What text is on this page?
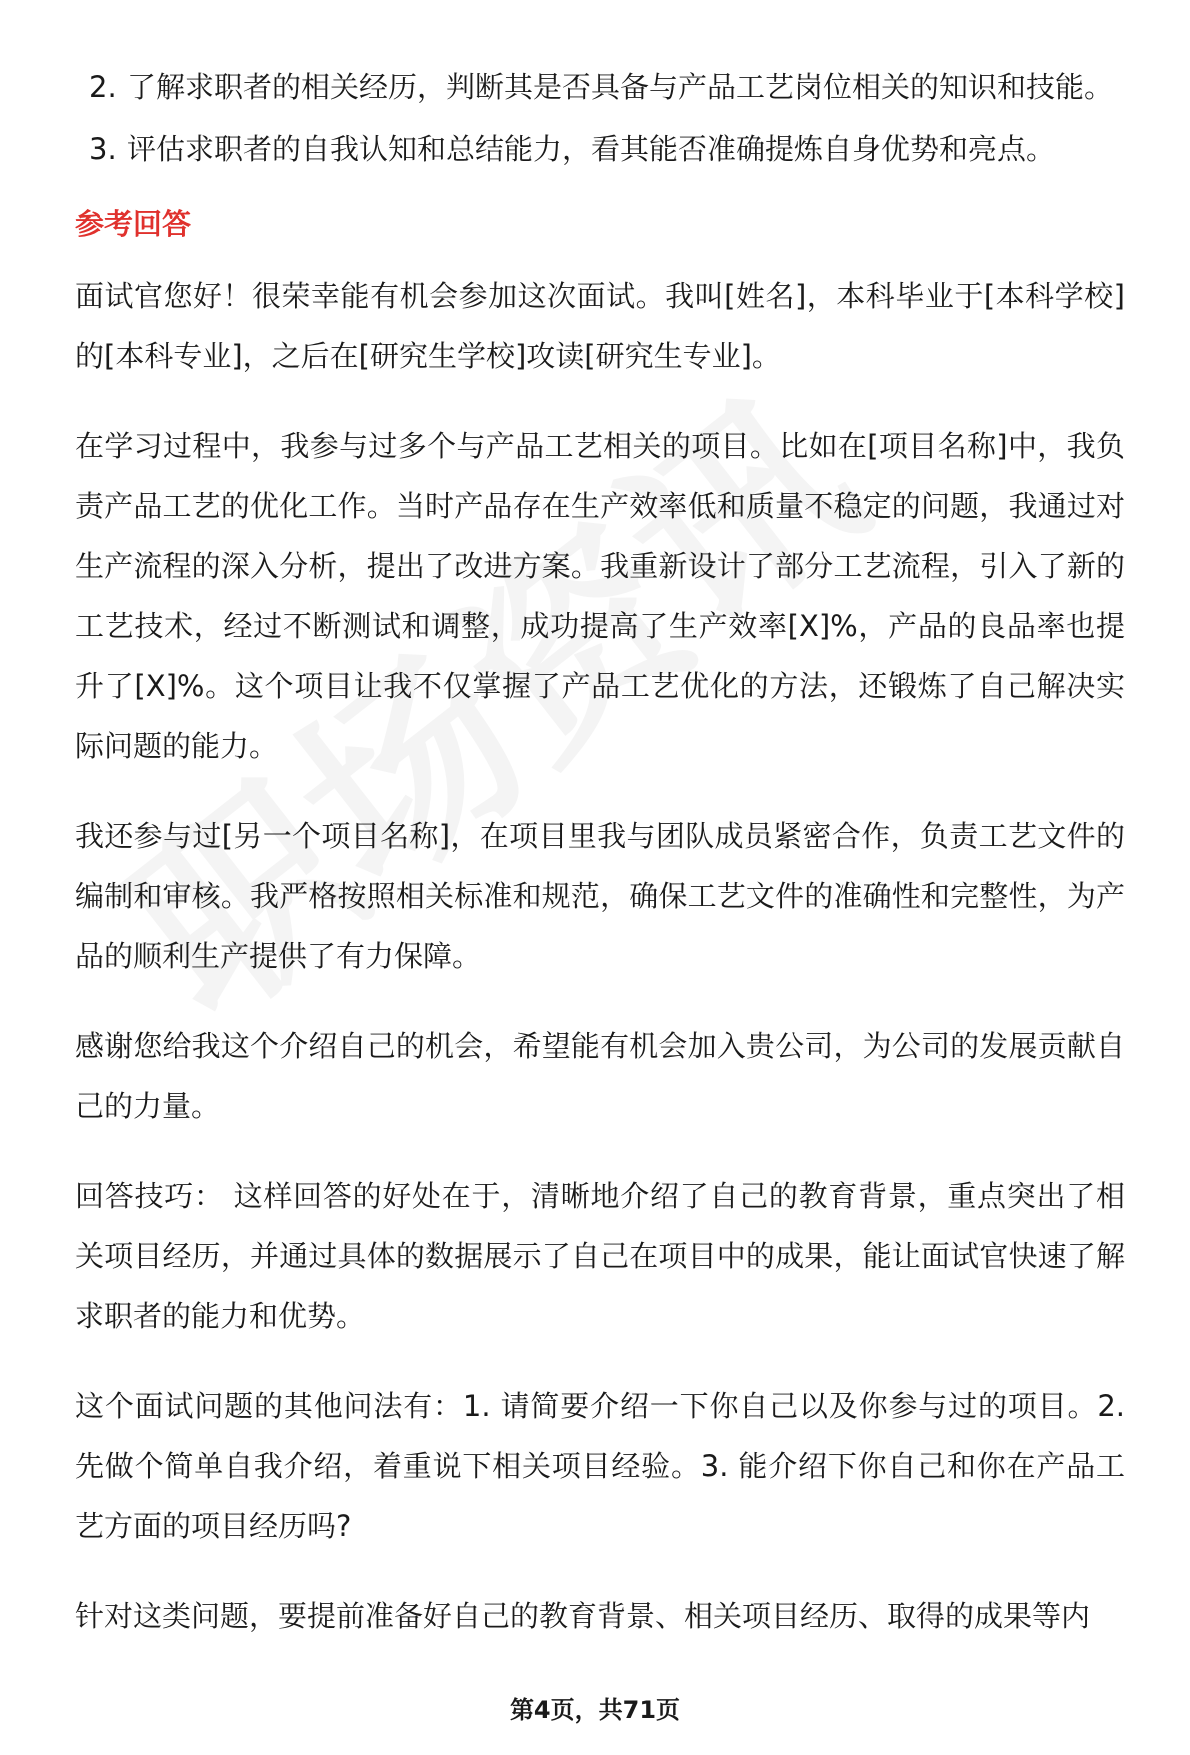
2. 了解求职者的相关经历，判断其是否具备与产品工艺岗位相关的知识和技能。
3. 评估求职者的自我认知和总结能力，看其能否准确提炼自身优势和亮点。
参考回答

面试官您好！很荣幸能有机会参加这次面试。我叫[姓名]，本科毕业于[本科学校]的[本科专业]，之后在[研究生学校]攻读[研究生专业]。

在学习过程中，我参与过多个与产品工艺相关的项目。比如在[项目名称]中，我负责产品工艺的优化工作。当时产品存在生产效率低和质量不稳定的问题，我通过对生产流程的深入分析，提出了改进方案。我重新设计了部分工艺流程，引入了新的工艺技术，经过不断测试和调整，成功提高了生产效率[X]%，产品的良品率也提升了[X]%。这个项目让我不仅掌握了产品工艺优化的方法，还锻炼了自己解决实际问题的能力。

我还参与过[另一个项目名称]，在项目里我与团队成员紧密合作，负责工艺文件的编制和审核。我严格按照相关标准和规范，确保工艺文件的准确性和完整性，为产品的顺利生产提供了有力保障。

感谢您给我这个介绍自己的机会，希望能有机会加入贵公司，为公司的发展贡献自己的力量。

回答技巧： 这样回答的好处在于，清晰地介绍了自己的教育背景，重点突出了相关项目经历，并通过具体的数据展示了自己在项目中的成果，能让面试官快速了解求职者的能力和优势。

这个面试问题的其他问法有：1. 请简要介绍一下你自己以及你参与过的项目。2. 先做个简单自我介绍，着重说下相关项目经验。3. 能介绍下你自己和你在产品工艺方面的项目经历吗?

针对这类问题，要提前准备好自己的教育背景、相关项目经历、取得的成果等内

第4页，共71页
